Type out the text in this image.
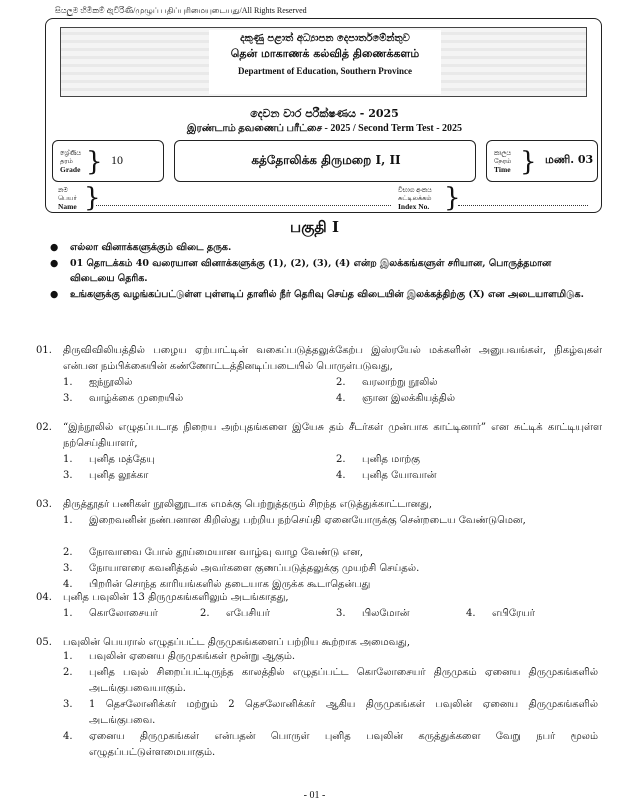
සියලුම හිමිකම් ඇවිරිණි/முழுப் பதிப்புரிமையுடையது/All Rights Reserved
දකුණු පළාත් අධ්‍යාපන දෙපාර්තමේන්තුව
தென் மாகாணக் கல்வித் திணைக்களம்
Department of Education, Southern Province
දෙවන වාර පරීක්ෂණය - 2025
இரண்டாம் தவணைப் பரீட்சை - 2025 / Second Term Test - 2025
ශ්‍රේණිය
தரம்
Grade } 10	கத்தோலிக்க திருமறை I, II	කාලය
நேரம்
Time } மணி. 03
නම
பெயர்
Name }	විභාග අංකය
சுட்டிலக்கம்
Index No. }
பகுதி I
● எல்லா வினாக்களுக்கும் விடை தருக.
● 01 தொடக்கம் 40 வரையான வினாக்களுக்கு (1), (2), (3), (4) என்ற இலக்கங்களுள் சரியான, பொருத்தமான விடையை தெரிக.
● உங்களுக்கு வழங்கப்பட்டுள்ள புள்ளடிப் தாளில் நீர் தெரிவு செய்த விடையின் இலக்கத்திற்கு (X) என அடையாளமிடுக.
01.	திருவிவிலியத்தில் பழைய ஏற்பாட்டின் வகைப்படுத்தலுக்கேற்ப இஸ்ரயேல் மக்களின் அனுபவங்கள், நிகழ்வுகள் என்பன நம்பிக்கையின் கண்ணோட்டத்தினடிப்படையில் பொருள்படுவது,
1. ஐந்நூலில்	2. வரலாற்று நூலில்
3. வாழ்க்கை முறையில்	4. ஞான இலக்கியத்தில்
02.	“இந்நூலில் எழுதப்படாத நிறைய அற்புதங்களை இயேசு தம் சீடர்கள் முன்பாக காட்டினார்” என சுட்டிக் காட்டியுள்ள நற்செய்தியாளர்,
1. புனித மத்தேயு	2. புனித மாற்கு
3. புனித லூக்கா	4. புனித யோவான்
03.	திருத்தூதர் பணிகள் நூலினூடாக எமக்கு பெற்றுத்தரும் சிறந்த எடுத்துக்காட்டானது,
1. இறைவனின் நண்பனான கிறிஸ்து பற்றிய நற்செய்தி ஏனையோருக்கு சென்றடைய வேண்டுமென,
2. நோவாவை போல் தூய்மையான வாழ்வு வாழ வேண்டு என,
3. நோயாளரை கவனித்தல் அவர்களை குணப்படுத்தலுக்கு முயற்சி செய்தல்.
4. பிறரின் சொந்த காரியங்களில் தடையாக இருக்க கூடாதென்பது
04.	புனித பவுலின் 13 திருமுகங்களிலும் அடங்காதது,
1. கொலோசையர்	2. எபேசியர்	3. பிலமோன்	4. எபிரேயர்
05.	பவுலின் பெயரால் எழுதப்பட்ட திருமுகங்களைப் பற்றிய கூற்றாக அமைவது,
1. பவுலின் ஏனைய திருமுகங்கள் மூன்று ஆகும்.
2. புனித பவுல் சிறைப்பட்டிருந்த காலத்தில் எழுதப்பட்ட கொலோசையர் திருமுகம் ஏனைய திருமுகங்களில் அடங்குபவையாகும்.
3. 1 தெசலோனிக்கர் மற்றும் 2 தெசலோனிக்கர் ஆகிய திருமுகங்கள் பவுலின் ஏனைய திருமுகங்களில் அடங்குபவை.
4. ஏனைய திருமுகங்கள் என்பதன் பொருள் புனித பவுலின் கருத்துக்களை வேறு நபர் மூலம் எழுதப்பட்டுள்ளமையாகும்.
- 01 -
